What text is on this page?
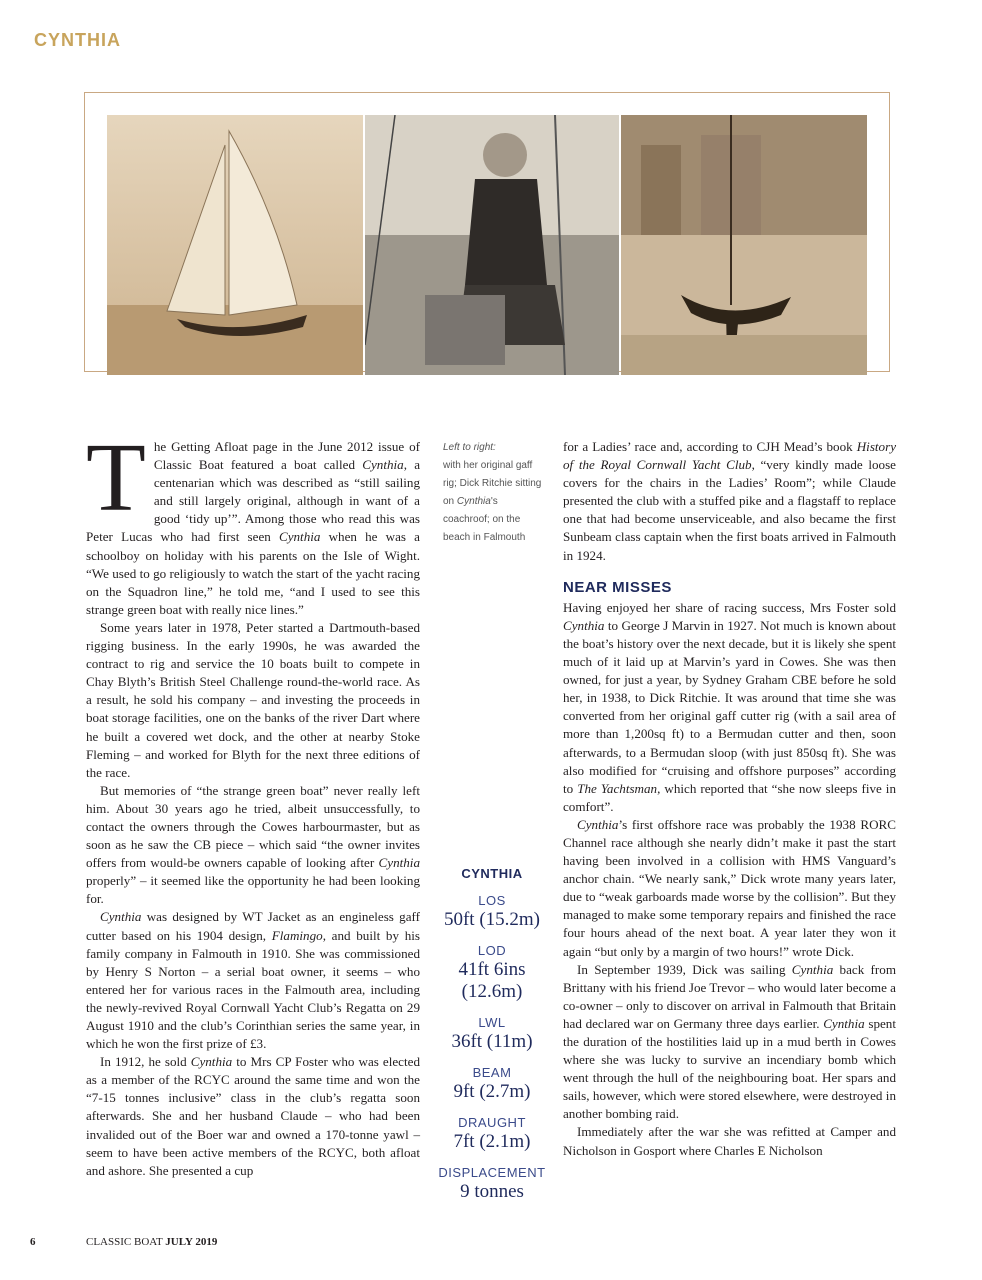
CYNTHIA
T he Getting Afloat page in the June 2012 issue of Classic Boat featured a boat called Cynthia, a centenarian which was described as “still sailing and still largely original, although in want of a good ‘tidy up’”. Among those who read this was Peter Lucas who had first seen Cynthia when he was a schoolboy on holiday with his parents on the Isle of Wight. “We used to go religiously to watch the start of the yacht racing on the Squadron line,” he told me, “and I used to see this strange green boat with really nice lines.”

Some years later in 1978, Peter started a Dartmouth-based rigging business. In the early 1990s, he was awarded the contract to rig and service the 10 boats built to compete in Chay Blyth’s British Steel Challenge round-the-world race. As a result, he sold his company – and investing the proceeds in boat storage facilities, one on the banks of the river Dart where he built a covered wet dock, and the other at nearby Stoke Fleming – and worked for Blyth for the next three editions of the race.

But memories of “the strange green boat” never really left him. About 30 years ago he tried, albeit unsuccessfully, to contact the owners through the Cowes harbourmaster, but as soon as he saw the CB piece – which said “the owner invites offers from would-be owners capable of looking after Cynthia properly” – it seemed like the opportunity he had been looking for.

Cynthia was designed by WT Jacket as an engineless gaff cutter based on his 1904 design, Flamingo, and built by his family company in Falmouth in 1910. She was commissioned by Henry S Norton – a serial boat owner, it seems – who entered her for various races in the Falmouth area, including the newly-revived Royal Cornwall Yacht Club’s Regatta on 29 August 1910 and the club’s Corinthian series the same year, in which he won the first prize of £3.

In 1912, he sold Cynthia to Mrs CP Foster who was elected as a member of the RCYC around the same time and won the “7-15 tonnes inclusive” class in the club’s regatta soon afterwards. She and her husband Claude – who had been invalided out of the Boer war and owned a 170-tonne yawl – seem to have been active members of the RCYC, both afloat and ashore. She presented a cup

Left to right:
with her original gaff rig; Dick Ritchie sitting on Cynthia's coachroof; on the beach in Falmouth
CYNTHIA
LOS
50ft (15.2m)
LOD
41ft 6ins (12.6m)
LWL
36ft (11m)
BEAM
9ft (2.7m)
DRAUGHT
7ft (2.1m)
DISPLACEMENT
9 tonnes

for a Ladies’ race and, according to CJH Mead’s book History of the Royal Cornwall Yacht Club, “very kindly made loose covers for the chairs in the Ladies’ Room”; while Claude presented the club with a stuffed pike and a flagstaff to replace one that had become unserviceable, and also became the first Sunbeam class captain when the first boats arrived in Falmouth in 1924.

NEAR MISSES

Having enjoyed her share of racing success, Mrs Foster sold Cynthia to George J Marvin in 1927. Not much is known about the boat’s history over the next decade, but it is likely she spent much of it laid up at Marvin’s yard in Cowes. She was then owned, for just a year, by Sydney Graham CBE before he sold her, in 1938, to Dick Ritchie. It was around that time she was converted from her original gaff cutter rig (with a sail area of more than 1,200sq ft) to a Bermudan cutter and then, soon afterwards, to a Bermudan sloop (with just 850sq ft). She was also modified for “cruising and offshore purposes” according to The Yachtsman, which reported that “she now sleeps five in comfort”.

Cynthia’s first offshore race was probably the 1938 RORC Channel race although she nearly didn’t make it past the start having been involved in a collision with HMS Vanguard’s anchor chain. “We nearly sank,” Dick wrote many years later, due to “weak garboards made worse by the collision”. But they managed to make some temporary repairs and finished the race four hours ahead of the next boat. A year later they won it again “but only by a margin of two hours!” wrote Dick.

In September 1939, Dick was sailing Cynthia back from Brittany with his friend Joe Trevor – who would later become a co-owner – only to discover on arrival in Falmouth that Britain had declared war on Germany three days earlier. Cynthia spent the duration of the hostilities laid up in a mud berth in Cowes where she was lucky to survive an incendiary bomb which went through the hull of the neighbouring boat. Her spars and sails, however, which were stored elsewhere, were destroyed in another bombing raid.

Immediately after the war she was refitted at Camper and Nicholson in Gosport where Charles E Nicholson

6	CLASSIC BOAT JULY 2019
